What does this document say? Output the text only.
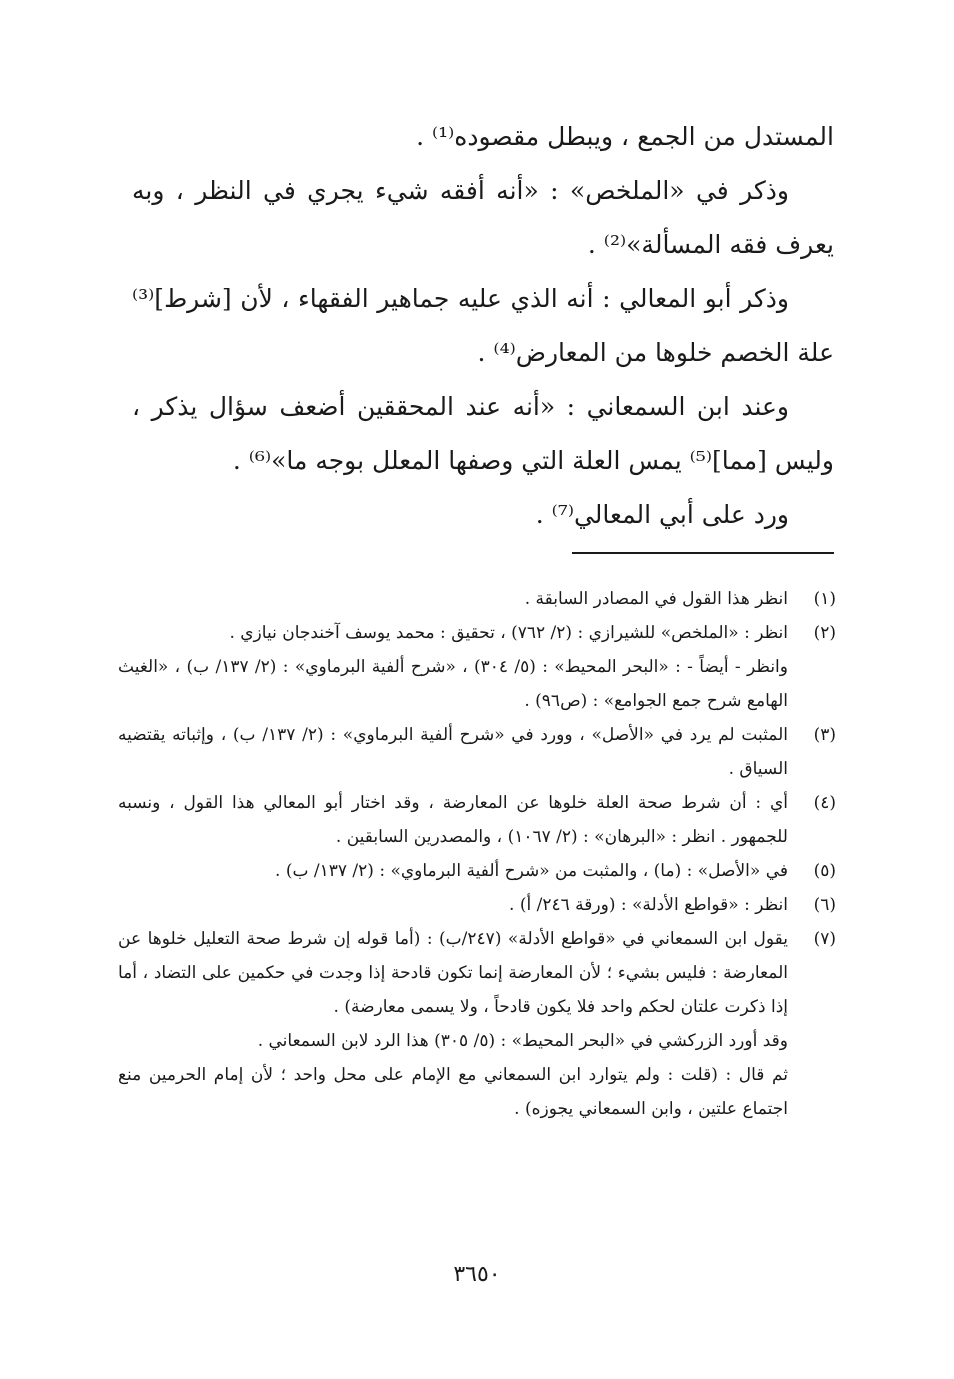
المستدل من الجمع ، ويبطل مقصوده⁽¹⁾ .

وذكر في «الملخص» : «أنه أفقه شيء يجري في النظر ، وبه يعرف فقه المسألة»⁽²⁾ .

وذكر أبو المعالي : أنه الذي عليه جماهير الفقهاء ، لأن [شرط]⁽³⁾ علة الخصم خلوها من المعارض⁽⁴⁾ .

وعند ابن السمعاني : «أنه عند المحققين أضعف سؤال يذكر ، وليس [مما]⁽⁵⁾ يمس العلة التي وصفها المعلل بوجه ما»⁽⁶⁾ .

ورد على أبي المعالي⁽⁷⁾ .

(١)
انظر هذا القول في المصادر السابقة .
(٢)
انظر : «الملخص» للشيرازي : (٢/ ٧٦٢) ، تحقيق : محمد يوسف آخندجان نيازي .
وانظر - أيضاً - : «البحر المحيط» : (٥/ ٣٠٤) ، «شرح ألفية البرماوي» : (٢/ ١٣٧/ ب) ، «الغيث الهامع شرح جمع الجوامع» : (ص٩٦) .
(٣)
المثبت لم يرد في «الأصل» ، وورد في «شرح ألفية البرماوي» : (٢/ ١٣٧/ ب) ، وإثباته يقتضيه السياق .
(٤)
أي : أن شرط صحة العلة خلوها عن المعارضة ، وقد اختار أبو المعالي هذا القول ، ونسبه للجمهور . انظر : «البرهان» : (٢/ ١٠٦٧) ، والمصدرين السابقين .
(٥)
في «الأصل» : (ما) ، والمثبت من «شرح ألفية البرماوي» : (٢/ ١٣٧/ ب) .
(٦)
انظر : «قواطع الأدلة» : (ورقة ٢٤٦/ أ) .
(٧)
يقول ابن السمعاني في «قواطع الأدلة» (٢٤٧/ب) : (أما قوله إن شرط صحة التعليل خلوها عن المعارضة : فليس بشيء ؛ لأن المعارضة إنما تكون قادحة إذا وجدت في حكمين على التضاد ، أما إذا ذكرت علتان لحكم واحد فلا يكون قادحاً ، ولا يسمى معارضة) .
وقد أورد الزركشي في «البحر المحيط» : (٥/ ٣٠٥) هذا الرد لابن السمعاني .
ثم قال : (قلت : ولم يتوارد ابن السمعاني مع الإمام على محل واحد ؛ لأن إمام الحرمين منع اجتماع علتين ، وابن السمعاني يجوزه) .
٣٦٥٠
